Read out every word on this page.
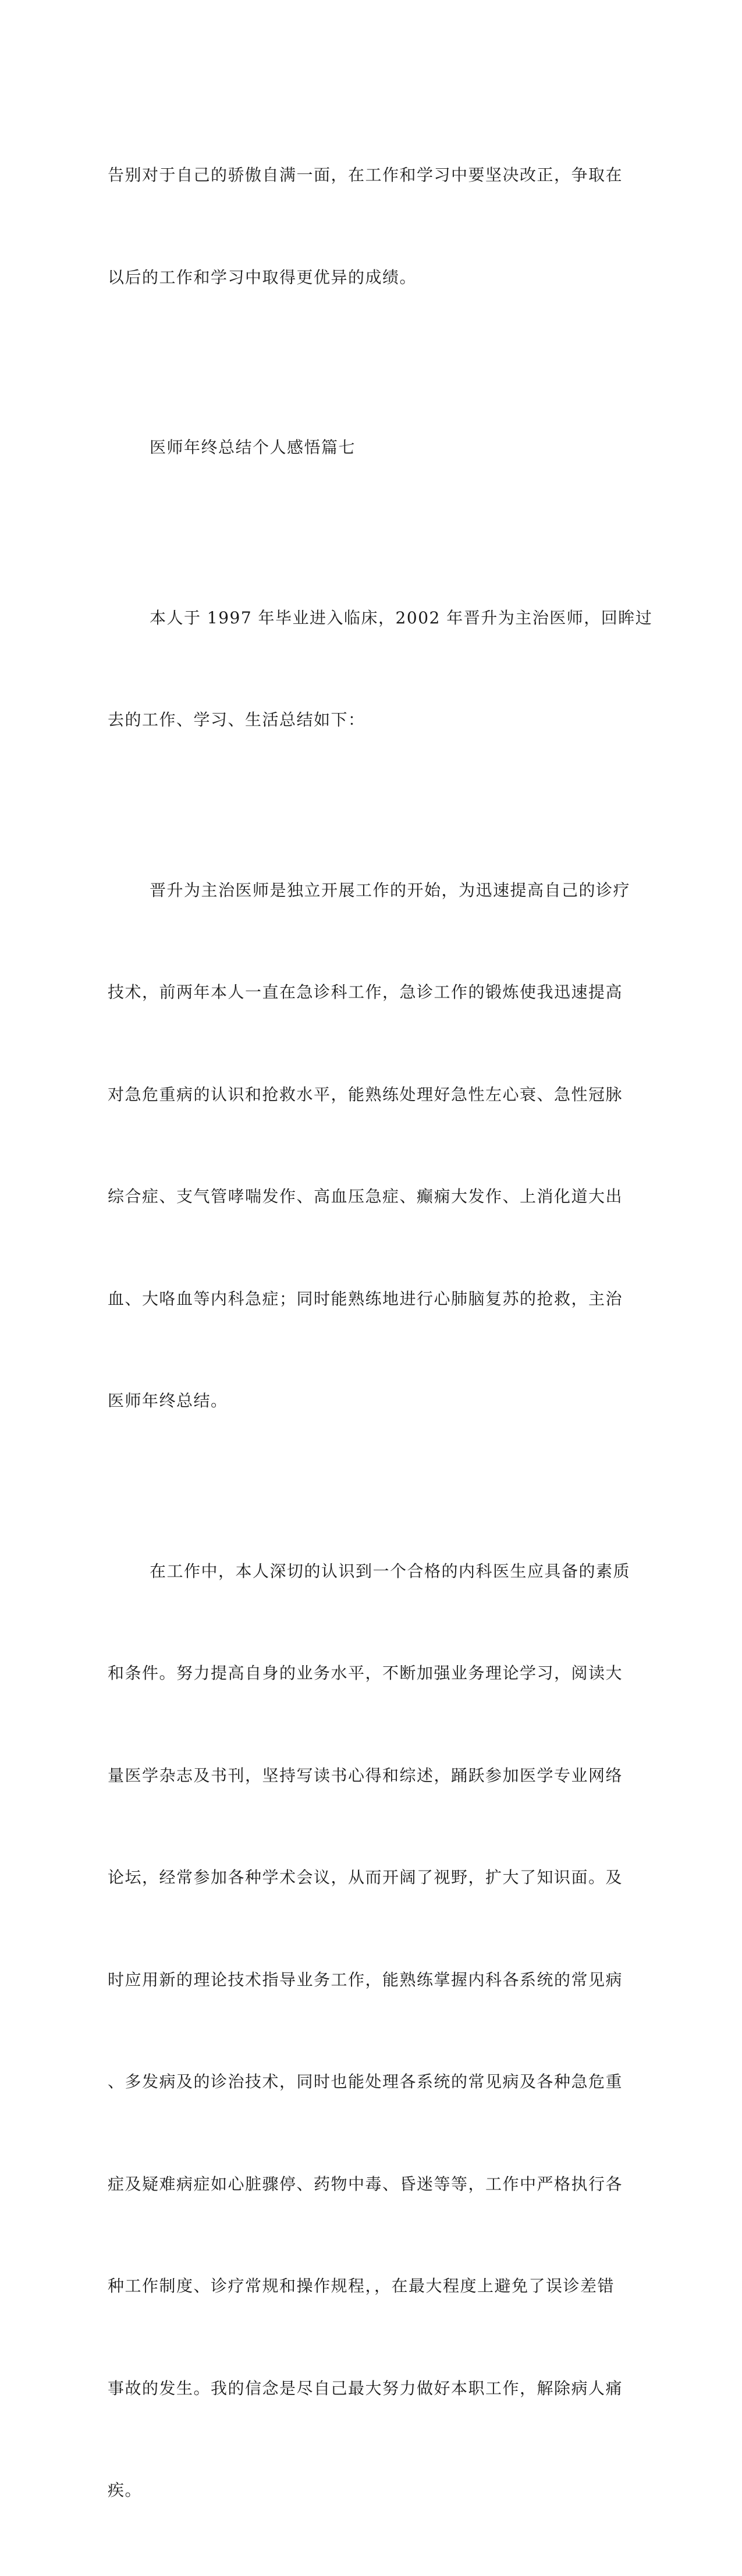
告别对于自己的骄傲自满一面，在工作和学习中要坚决改正，争取在

以后的工作和学习中取得更优异的成绩。

医师年终总结个人感悟篇七

本人于 1997 年毕业进入临床，2002 年晋升为主治医师，回眸过

去的工作、学习、生活总结如下：

晋升为主治医师是独立开展工作的开始，为迅速提高自己的诊疗

技术，前两年本人一直在急诊科工作，急诊工作的锻炼使我迅速提高

对急危重病的认识和抢救水平，能熟练处理好急性左心衰、急性冠脉

综合症、支气管哮喘发作、高血压急症、癫痫大发作、上消化道大出

血、大咯血等内科急症；同时能熟练地进行心肺脑复苏的抢救，主治

医师年终总结。

在工作中，本人深切的认识到一个合格的内科医生应具备的素质

和条件。努力提高自身的业务水平，不断加强业务理论学习，阅读大

量医学杂志及书刊，坚持写读书心得和综述，踊跃参加医学专业网络

论坛，经常参加各种学术会议，从而开阔了视野，扩大了知识面。及

时应用新的理论技术指导业务工作，能熟练掌握内科各系统的常见病

、多发病及的诊治技术，同时也能处理各系统的常见病及各种急危重

症及疑难病症如心脏骤停、药物中毒、昏迷等等，工作中严格执行各

种工作制度、诊疗常规和操作规程，，在最大程度上避免了误诊差错

事故的发生。我的信念是尽自己最大努力做好本职工作，解除病人痛

疾。
